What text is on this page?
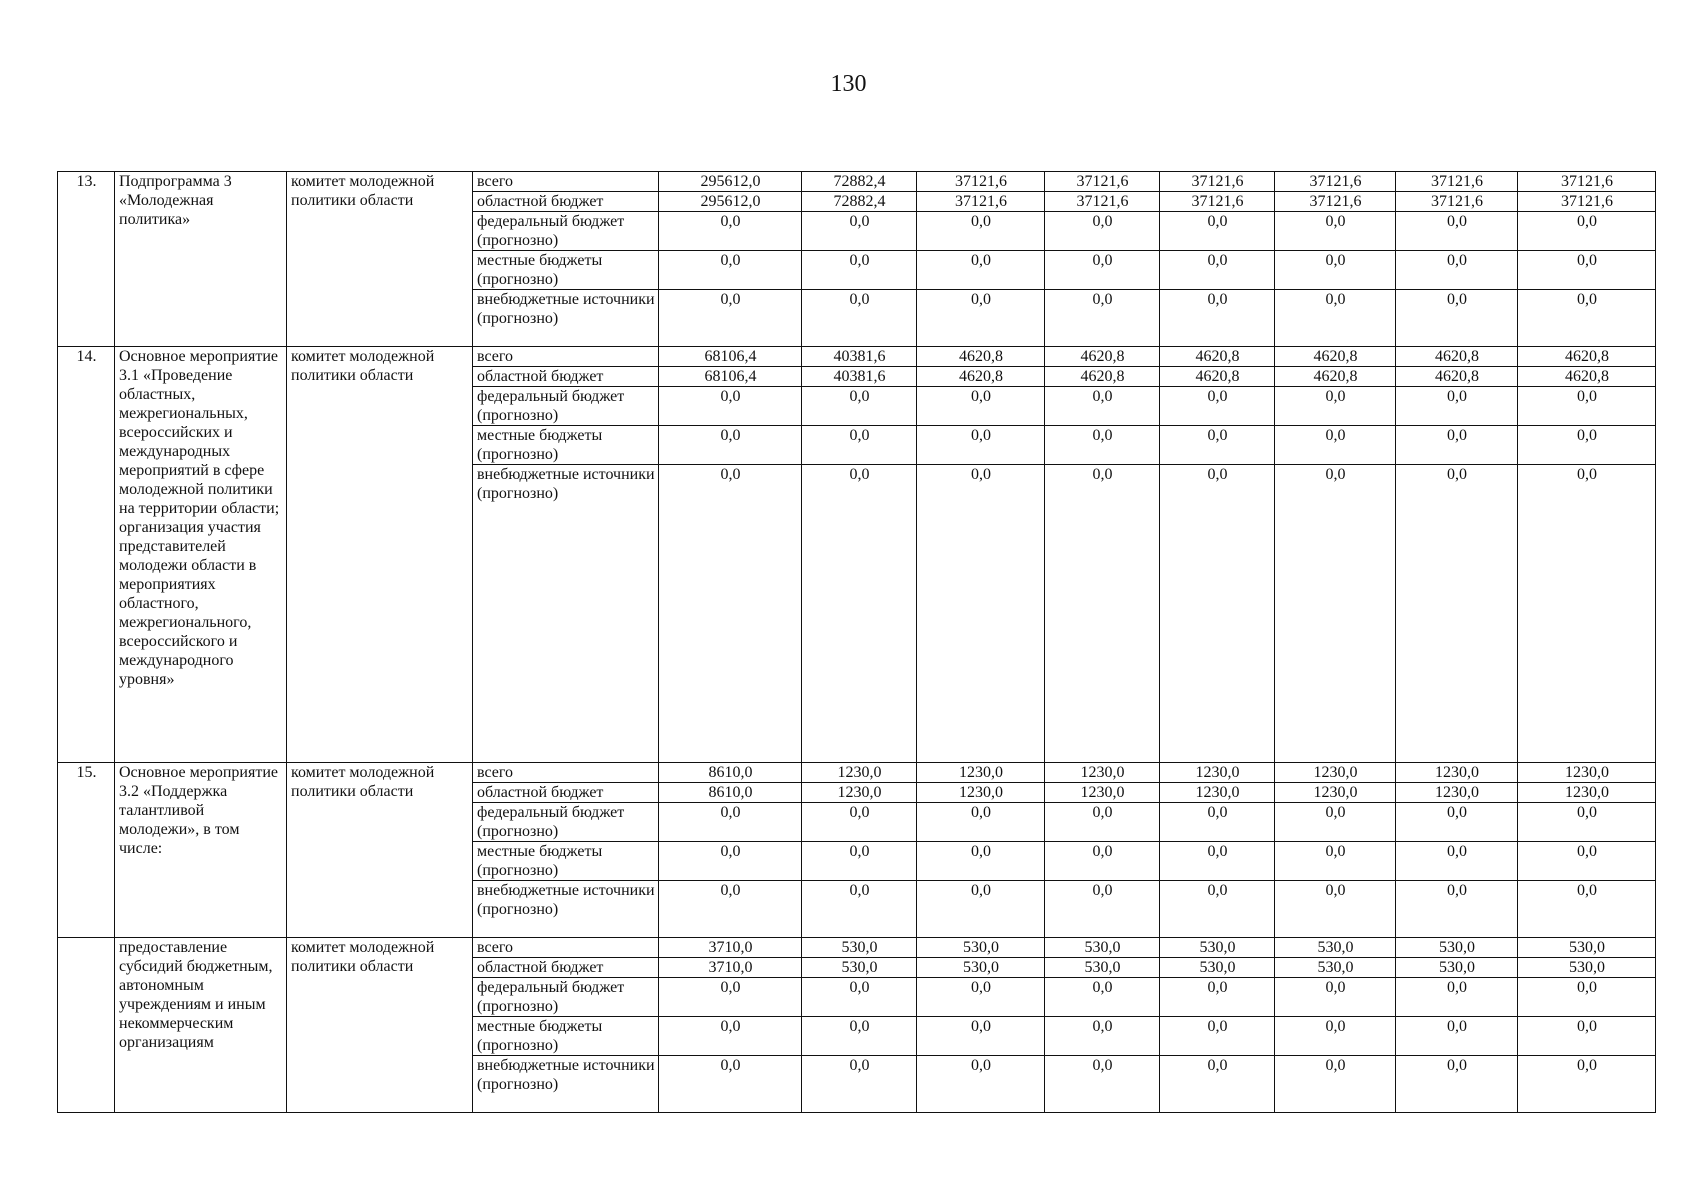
130
13.	Подпрограмма 3 «Молодежная политика»	комитет молодежной политики области	всего	295612,0	72882,4	37121,6	37121,6	37121,6	37121,6	37121,6	37121,6
			областной бюджет	295612,0	72882,4	37121,6	37121,6	37121,6	37121,6	37121,6	37121,6
			федеральный бюджет (прогнозно)	0,0	0,0	0,0	0,0	0,0	0,0	0,0	0,0
			местные бюджеты (прогнозно)	0,0	0,0	0,0	0,0	0,0	0,0	0,0	0,0
			внебюджетные источники (прогнозно)	0,0	0,0	0,0	0,0	0,0	0,0	0,0	0,0
14.	Основное мероприятие 3.1 «Проведение областных, межрегиональных, всероссийских и международных мероприятий в сфере молодежной политики на территории области; организация участия представителей молодежи области в мероприятиях областного, межрегионального, всероссийского и международного уровня»	комитет молодежной политики области	всего	68106,4	40381,6	4620,8	4620,8	4620,8	4620,8	4620,8	4620,8
			областной бюджет	68106,4	40381,6	4620,8	4620,8	4620,8	4620,8	4620,8	4620,8
			федеральный бюджет (прогнозно)	0,0	0,0	0,0	0,0	0,0	0,0	0,0	0,0
			местные бюджеты (прогнозно)	0,0	0,0	0,0	0,0	0,0	0,0	0,0	0,0
			внебюджетные источники (прогнозно)	0,0	0,0	0,0	0,0	0,0	0,0	0,0	0,0
15.	Основное мероприятие 3.2 «Поддержка талантливой молодежи», в том числе:	комитет молодежной политики области	всего	8610,0	1230,0	1230,0	1230,0	1230,0	1230,0	1230,0	1230,0
			областной бюджет	8610,0	1230,0	1230,0	1230,0	1230,0	1230,0	1230,0	1230,0
			федеральный бюджет (прогнозно)	0,0	0,0	0,0	0,0	0,0	0,0	0,0	0,0
			местные бюджеты (прогнозно)	0,0	0,0	0,0	0,0	0,0	0,0	0,0	0,0
			внебюджетные источники (прогнозно)	0,0	0,0	0,0	0,0	0,0	0,0	0,0	0,0
	предоставление субсидий бюджетным, автономным учреждениям и иным некоммерческим организациям	комитет молодежной политики области	всего	3710,0	530,0	530,0	530,0	530,0	530,0	530,0	530,0
			областной бюджет	3710,0	530,0	530,0	530,0	530,0	530,0	530,0	530,0
			федеральный бюджет (прогнозно)	0,0	0,0	0,0	0,0	0,0	0,0	0,0	0,0
			местные бюджеты (прогнозно)	0,0	0,0	0,0	0,0	0,0	0,0	0,0	0,0
			внебюджетные источники (прогнозно)	0,0	0,0	0,0	0,0	0,0	0,0	0,0	0,0
